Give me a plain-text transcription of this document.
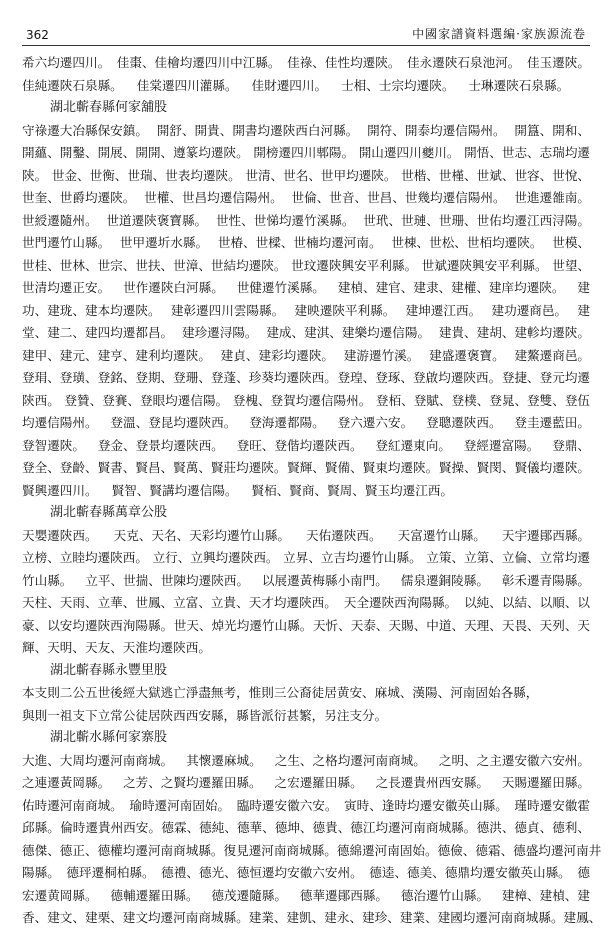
362	中國家譜資料選編·家族源流卷
希六均遷四川。 佳棗、佳檜均遷四川中江縣。 佳祿、佳性均遷陝。 佳永遷陝石泉池河。 佳玉遷陝。
佳純遷陝石泉縣。 佳棠遷四川灌縣。 佳財遷四川。 士相、士宗均遷陝。 士琳遷陝石泉縣。
湖北蘄春縣何家舖股
守祿遷大冶縣保安鎮。 開舒、開貴、開書均遷陝西白河縣。 開符、開泰均遷信陽州。 開簋、開和、
開蘊、開鑿、開展、開開、遵篆均遷陝。 開榜遷四川郫陽。 開山遷四川夔川。 開悟、世志、志瑞均遷
陝。 世金、世衡、世瑞、世表均遷陝。 世清、世名、世甲均遷陝。 世楷、世槿、世斌、世容、世悅、
世奎、世爵均遷陝。 世權、世昌均遷信陽州。 世倫、世音、世昌、世幾均遷信陽州。 世進遷雒南。
世綬遷隨州。 世道遷陝褒寶縣。 世性、世悌均遷竹溪縣。 世玳、世璉、世珊、世佑均遷江西浔陽。
世門遷竹山縣。 世甲遷圻水縣。 世椿、世樑、世楠均遷河南。 世棟、世松、世栢均遷陝。 世模、
世桂、世林、世宗、世扶、世漳、世結均遷陝。 世玟遷陝興安平利縣。 世斌遷陝興安平利縣。 世望、
世清均遷正安。 世作遷陝白河縣。 世健遷竹溪縣。 建楨、建官、建隶、建權、建庠均遷陝。 建
功、建珑、建本均遷陝。 建彰遷四川雲陽縣。 建映遷陝平利縣。 建坤遷江西。 建功遷商邑。 建
堂、建二、建四均遷都昌。 建珍遷浔陽。 建成、建淇、建樂均遷信陽。 建貴、建胡、建軫均遷陝。
建甲、建元、建亨、建利均遷陝。 建貞、建彩均遷陝。 建游遷竹溪。 建盛遷褒寶。 建鰲遷商邑。
登琄、登璜、登銘、登期、登珊、登蓬、珍葵均遷陝西。 登瑝、登琢、登啟均遷陝西。 登捷、登元均遷
陝西。 登贊、登賽、登眼均遷信陽。 登槐、登賀均遷信陽州。 登栢、登賦、登樸、登晁、登雙、登伍
均遷信陽州。 登溫、登昆均遷陝西。 登海遷都陽。 登六遷六安。 登聰遷陝西。 登圭遷藍田。
登智遷陝。 登金、登景均遷陝西。 登旺、登偕均遷陝西。 登紅遷東向。 登經遷富陽。 登鼎、
登全、登齡、賢書、賢昌、賢萬、賢莊均遷陝。 賢輝、賢備、賢東均遷陝。 賢操、賢閔、賢儀均遷陝。
賢興遷四川。 賢智、賢講均遷信陽。 賢栢、賢商、賢周、賢玉均遷江西。
湖北蘄春縣萬章公股
天嬰遷陝西。 天克、天名、天彩均遷竹山縣。 天佑遷陝西。 天富遷竹山縣。 天宇遷鄖西縣。
立榜、立睦均遷陝西。 立行、立興均遷陝西。 立昇、立吉均遷竹山縣。 立策、立第、立倫、立常均遷
竹山縣。 立平、世揣、世陳均遷陝西。 以展遷黃梅縣小南門。 儒泉遷銅陵縣。 彰禾遷青陽縣。
天柱、天雨、立華、世鳳、立富、立貴、天才均遷陝西。 天全遷陝西洵陽縣。 以純、以結、以順、以
豪、以安均遷陝西洵陽縣。 世天、焯光均遷竹山縣。 天忻、天泰、天賜、中道、天理、天畏、天列、天
輝、天明、天友、天淮均遷陝西。
湖北蘄春縣永豐里股
本支則二公五世後經大獄逃亡淨盡無考，惟則三公裔徒居黄安、麻城、漢陽、河南固始各縣，
與則一祖支下立常公徒居陝西西安縣，縣皆派衍甚繁，另注支分。
湖北蘄水縣何家寨股
大進、大周均遷河南商城。 其懷遷麻城。 之生、之格均遷河南商城。 之明、之主遷安徽六安州。
之連遷黃岡縣。 之芳、之賢均遷羅田縣。 之宏遷羅田縣。 之長遷貴州西安縣。 天賜遷羅田縣。
佑時遷河南商城。 瑜時遷河南固始。 臨時遷安徽六安。 寅時、逢時均遷安徽英山縣。 瑾時遷安徽霍
邱縣。 倫時遷貴州西安。 德霖、德純、德華、德坤、德貴、德江均遷河南商城縣。 德洪、德貞、德利、
德傑、德正、德權均遷河南商城縣。 復見遷河南商城縣。 德綿遷河南固始。 德儉、德霜、德盛均遷河南井
陽縣。 德玶遷桐柏縣。 德禮、德光、德恒遷均安徽六安州。 德逵、德美、德鼎均遷安徽英山縣。 德
宏遷黄岡縣。 德輔遷羅田縣。 德茂遷隨縣。 德華遷鄖西縣。 德治遷竹山縣。 建樟、建楨、建
香、建文、建栗、建文均遷河南商城縣。 建業、建凱、建永、建珍、建業、建國均遷河南商城縣。 建鳳、
